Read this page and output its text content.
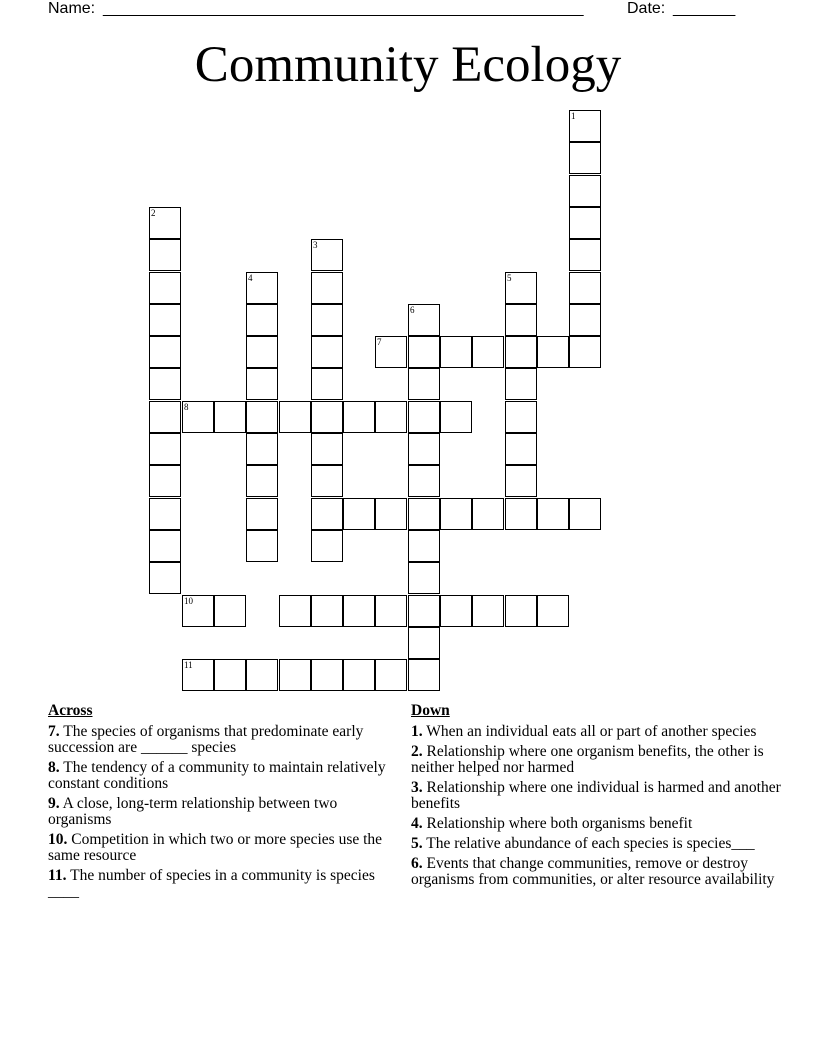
Name: ______________________________________________________	Date: _______
Community Ecology
1
2
3
4	5
6
7
8
10
11
Across
7. The species of organisms that predominate early succession are ______ species
8. The tendency of a community to maintain relatively constant conditions
9. A close, long-term relationship between two organisms
10. Competition in which two or more species use the same resource
11. The number of species in a community is species ____
Down
1. When an individual eats all or part of another species
2. Relationship where one organism benefits, the other is neither helped nor harmed
3. Relationship where one individual is harmed and another benefits
4. Relationship where both organisms benefit
5. The relative abundance of each species is species___
6. Events that change communities, remove or destroy organisms from communities, or alter resource availability
